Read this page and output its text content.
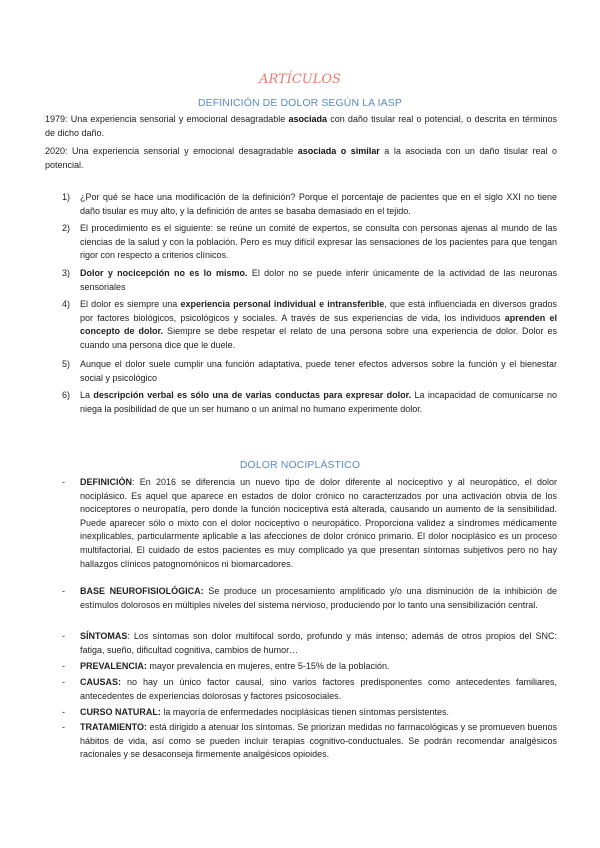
ARTÍCULOS
DEFINICIÓN DE DOLOR SEGÚN LA IASP
1979: Una experiencia sensorial y emocional desagradable asociada con daño tisular real o potencial, o descrita en términos de dicho daño.
2020: Una experiencia sensorial y emocional desagradable asociada o similar a la asociada con un daño tisular real o potencial.
1)	¿Por qué se hace una modificación de la definición? Porque el porcentaje de pacientes que en el siglo XXI no tiene daño tisular es muy alto, y la definición de antes se basaba demasiado en el tejido.
2)	El procedimiento es el siguiente: se reúne un comité de expertos, se consulta con personas ajenas al mundo de las ciencias de la salud y con la población. Pero es muy difícil expresar las sensaciones de los pacientes para que tengan rigor con respecto a criterios clínicos.
3)	Dolor y nocicepción no es lo mismo. El dolor no se puede inferir únicamente de la actividad de las neuronas sensoriales
4)	El dolor es siempre una experiencia personal individual e intransferible, que está influenciada en diversos grados por factores biológicos, psicológicos y sociales. A través de sus experiencias de vida, los individuos aprenden el concepto de dolor. Siempre se debe respetar el relato de una persona sobre una experiencia de dolor. Dolor es cuando una persona dice que le duele.
5)	Aunque el dolor suele cumplir una función adaptativa, puede tener efectos adversos sobre la función y el bienestar social y psicológico
6)	La descripción verbal es sólo una de varias conductas para expresar dolor. La incapacidad de comunicarse no niega la posibilidad de que un ser humano o un animal no humano experimente dolor.
DOLOR NOCIPLÁSTICO
- DEFINICIÓN: En 2016 se diferencia un nuevo tipo de dolor diferente al nociceptivo y al neuropático, el dolor nociplásico. Es aquel que aparece en estados de dolor crónico no caracterizados por una activación obvia de los nociceptores o neuropatía, pero donde la función nociceptiva está alterada, causando un aumento de la sensibilidad. Puede aparecer sólo o mixto con el dolor nociceptivo o neuropático. Proporciona validez a síndromes médicamente inexplicables, particularmente aplicable a las afecciones de dolor crónico primario. El dolor nociplásico es un proceso multifactorial. El cuidado de estos pacientes es muy complicado ya que presentan síntomas subjetivos pero no hay hallazgos clínicos patognomónicos ni biomarcadores.
- BASE NEUROFISIOLÓGICA: Se produce un procesamiento amplificado y/o una disminución de la inhibición de estímulos dolorosos en múltiples niveles del sistema nervioso, produciendo por lo tanto una sensibilización central.
- SÍNTOMAS: Los síntomas son dolor multifocal sordo, profundo y más intenso; además de otros propios del SNC: fatiga, sueño, dificultad cognitiva, cambios de humor…
- PREVALENCIA: mayor prevalencia en mujeres, entre 5-15% de la población.
- CAUSAS: no hay un único factor causal, sino varios factores predisponentes como antecedentes familiares, antecedentes de experiencias dolorosas y factores psicosociales.
- CURSO NATURAL: la mayoría de enfermedades nociplásicas tienen síntomas persistentes.
- TRATAMIENTO: está dirigido a atenuar los síntomas. Se priorizan medidas no farmacológicas y se promueven buenos hábitos de vida, así como se pueden incluir terapias cognitivo-conductuales. Se podrán recomendar analgésicos racionales y se desaconseja firmemente analgésicos opioides.
